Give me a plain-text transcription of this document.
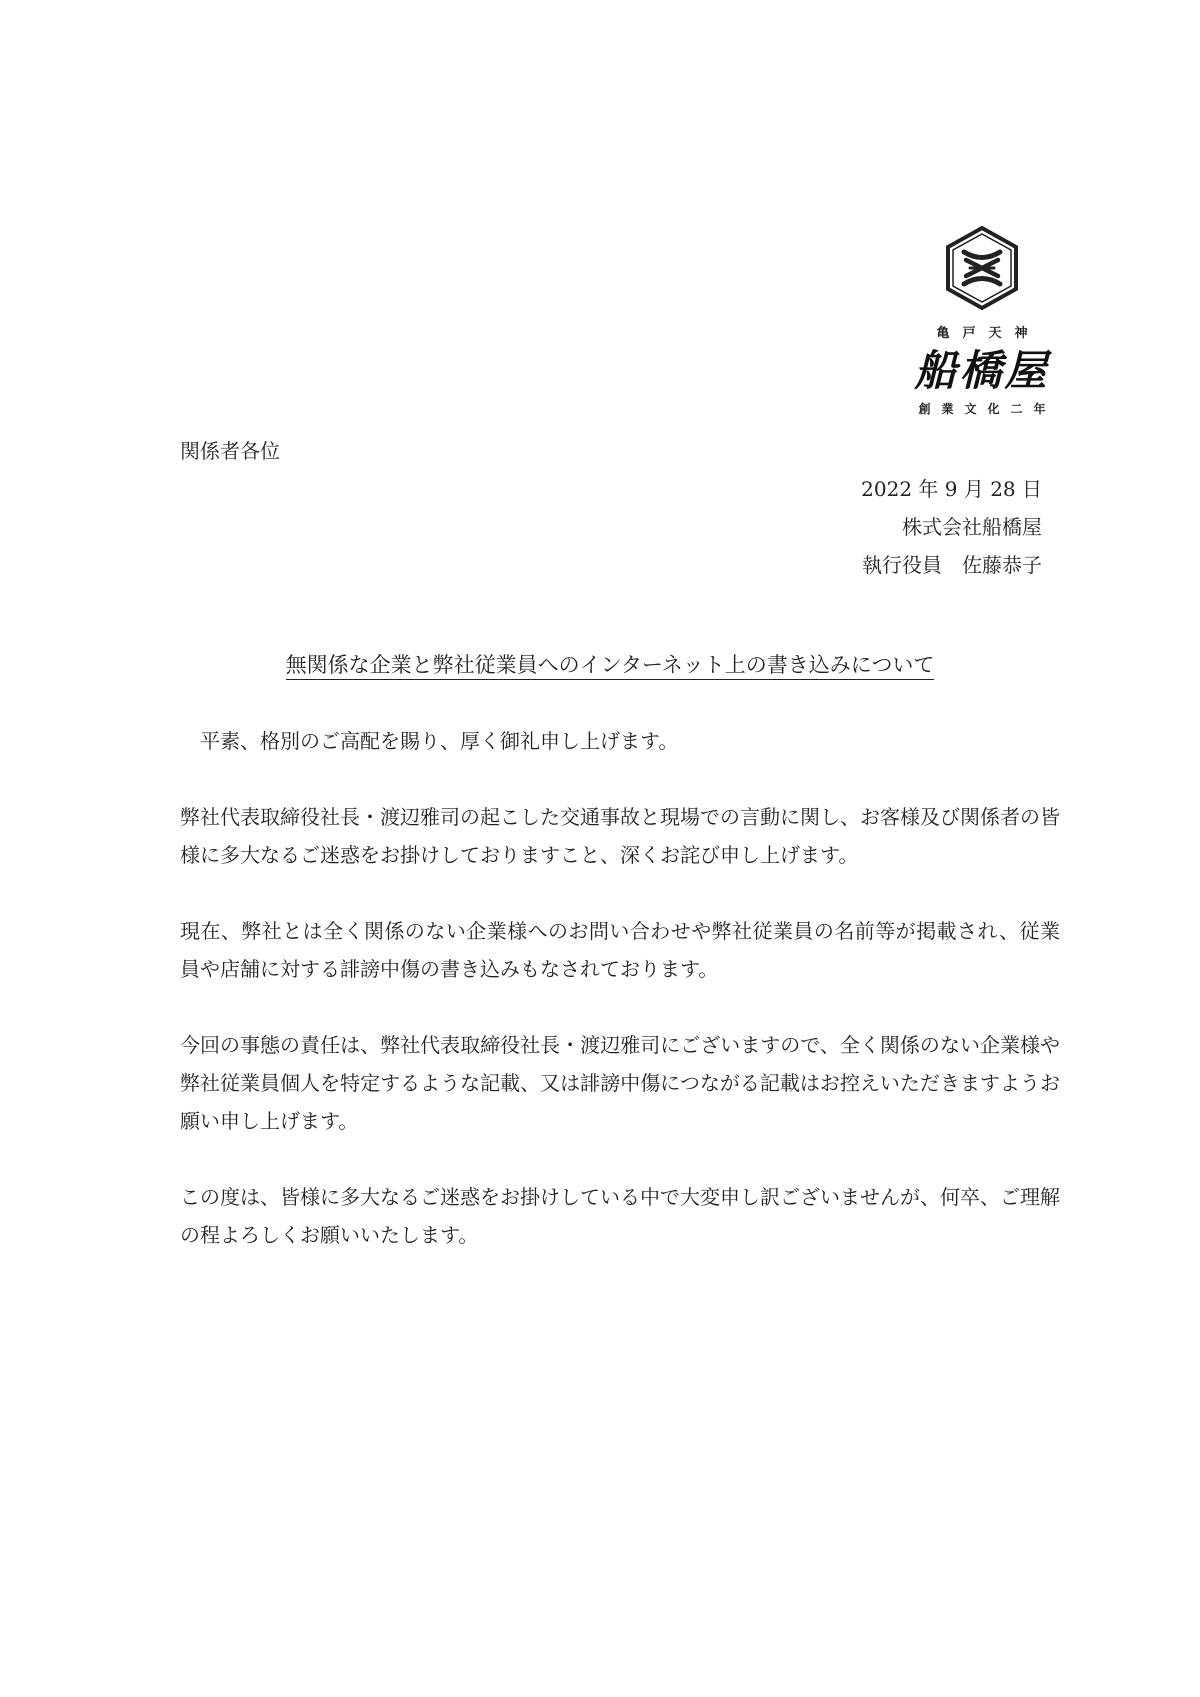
亀戸天神
船橋屋
創業文化二年
関係者各位
2022 年 9 月 28 日
株式会社船橋屋
執行役員　佐藤恭子
無関係な企業と弊社従業員へのインターネット上の書き込みについて

平素、格別のご高配を賜り、厚く御礼申し上げます。

弊社代表取締役社長・渡辺雅司の起こした交通事故と現場での言動に関し、お客様及び関係者の皆様に多大なるご迷惑をお掛けしておりますこと、深くお詫び申し上げます。

現在、弊社とは全く関係のない企業様へのお問い合わせや弊社従業員の名前等が掲載され、従業員や店舗に対する誹謗中傷の書き込みもなされております。

今回の事態の責任は、弊社代表取締役社長・渡辺雅司にございますので、全く関係のない企業様や弊社従業員個人を特定するような記載、又は誹謗中傷につながる記載はお控えいただきますようお願い申し上げます。

この度は、皆様に多大なるご迷惑をお掛けしている中で大変申し訳ございませんが、何卒、ご理解の程よろしくお願いいたします。
